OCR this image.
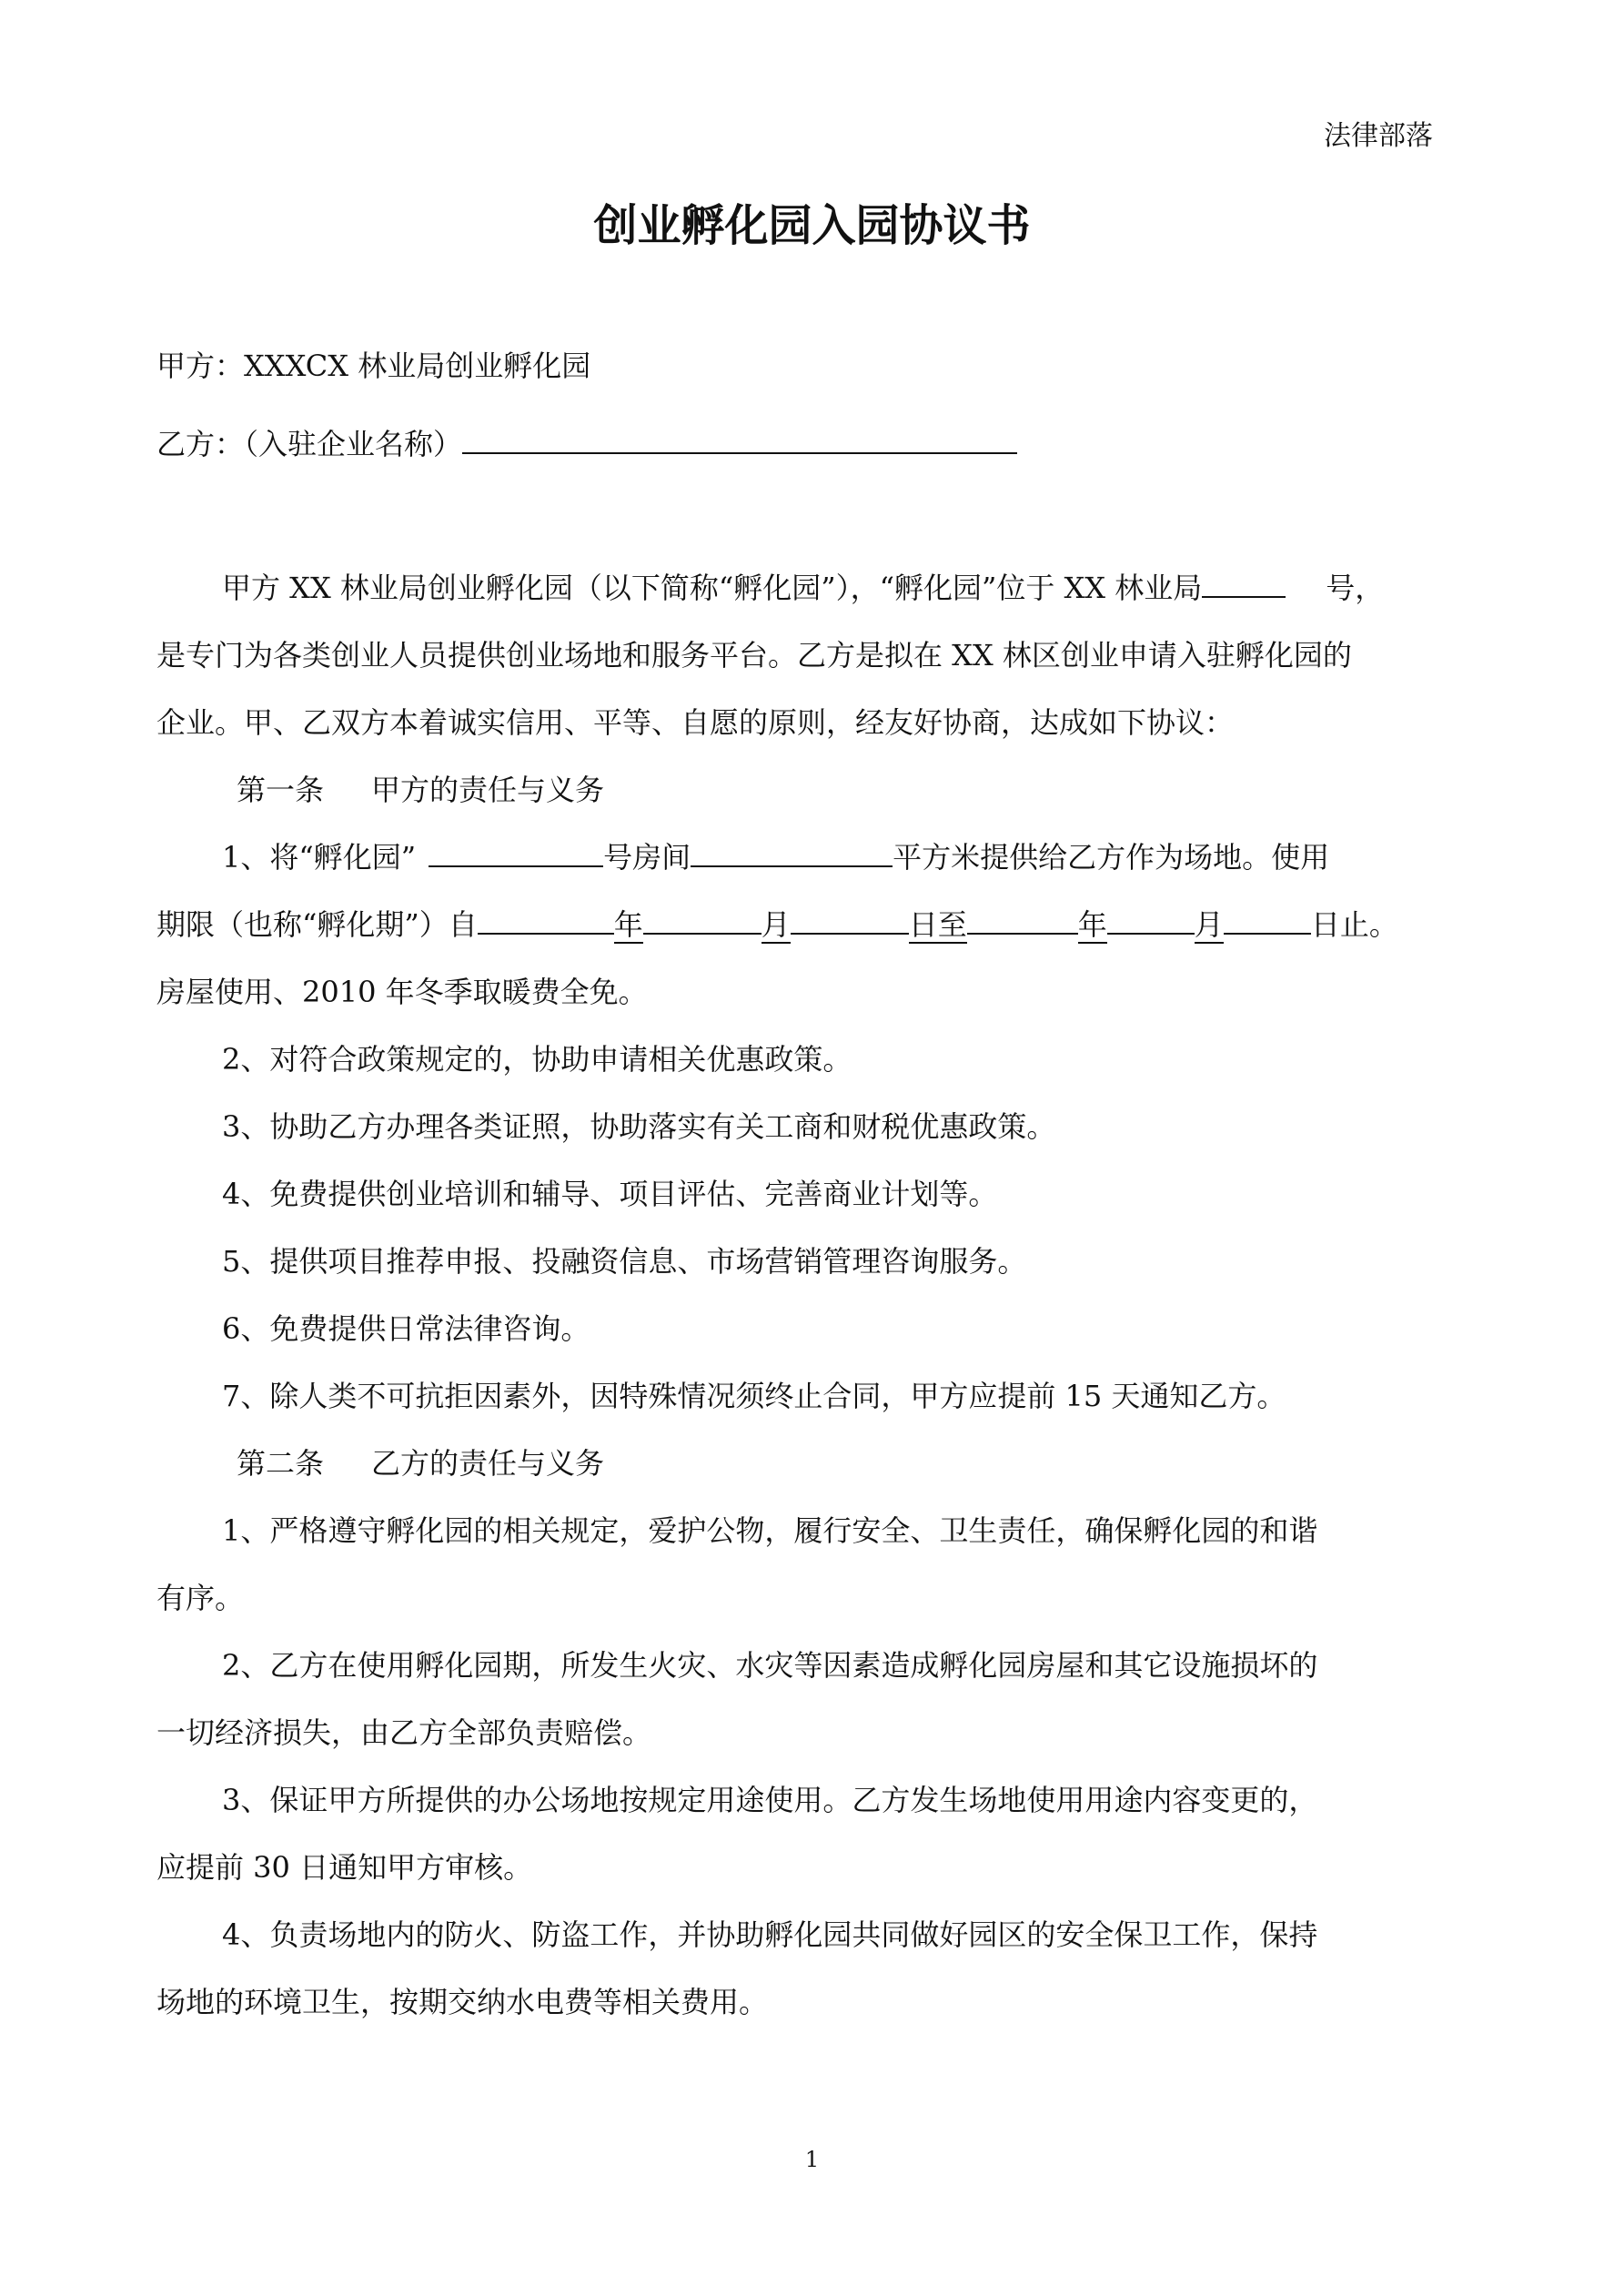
法律部落
创业孵化园入园协议书
甲方：XXXCX 林业局创业孵化园
乙方：（入驻企业名称）
甲方 XX 林业局创业孵化园（以下简称“孵化园”），“孵化园”位于 XX 林业局	号，
是专门为各类创业人员提供创业场地和服务平台。乙方是拟在 XX 林区创业申请入驻孵化园的
企业。甲、乙双方本着诚实信用、平等、自愿的原则，经友好协商，达成如下协议：
第一条 甲方的责任与义务
1、将“孵化园”	号房间	平方米提供给乙方作为场地。使用
期限（也称“孵化期”）自	年	月	日至	年	月	日止。
房屋使用、2010 年冬季取暖费全免。
2、对符合政策规定的，协助申请相关优惠政策。
3、协助乙方办理各类证照，协助落实有关工商和财税优惠政策。
4、免费提供创业培训和辅导、项目评估、完善商业计划等。
5、提供项目推荐申报、投融资信息、市场营销管理咨询服务。
6、免费提供日常法律咨询。
7、除人类不可抗拒因素外，因特殊情况须终止合同，甲方应提前 15 天通知乙方。
第二条 乙方的责任与义务
1、严格遵守孵化园的相关规定，爱护公物，履行安全、卫生责任，确保孵化园的和谐
有序。
2、乙方在使用孵化园期，所发生火灾、水灾等因素造成孵化园房屋和其它设施损坏的
一切经济损失，由乙方全部负责赔偿。
3、保证甲方所提供的办公场地按规定用途使用。乙方发生场地使用用途内容变更的，
应提前 30 日通知甲方审核。
4、负责场地内的防火、防盗工作，并协助孵化园共同做好园区的安全保卫工作，保持
场地的环境卫生，按期交纳水电费等相关费用。
1
